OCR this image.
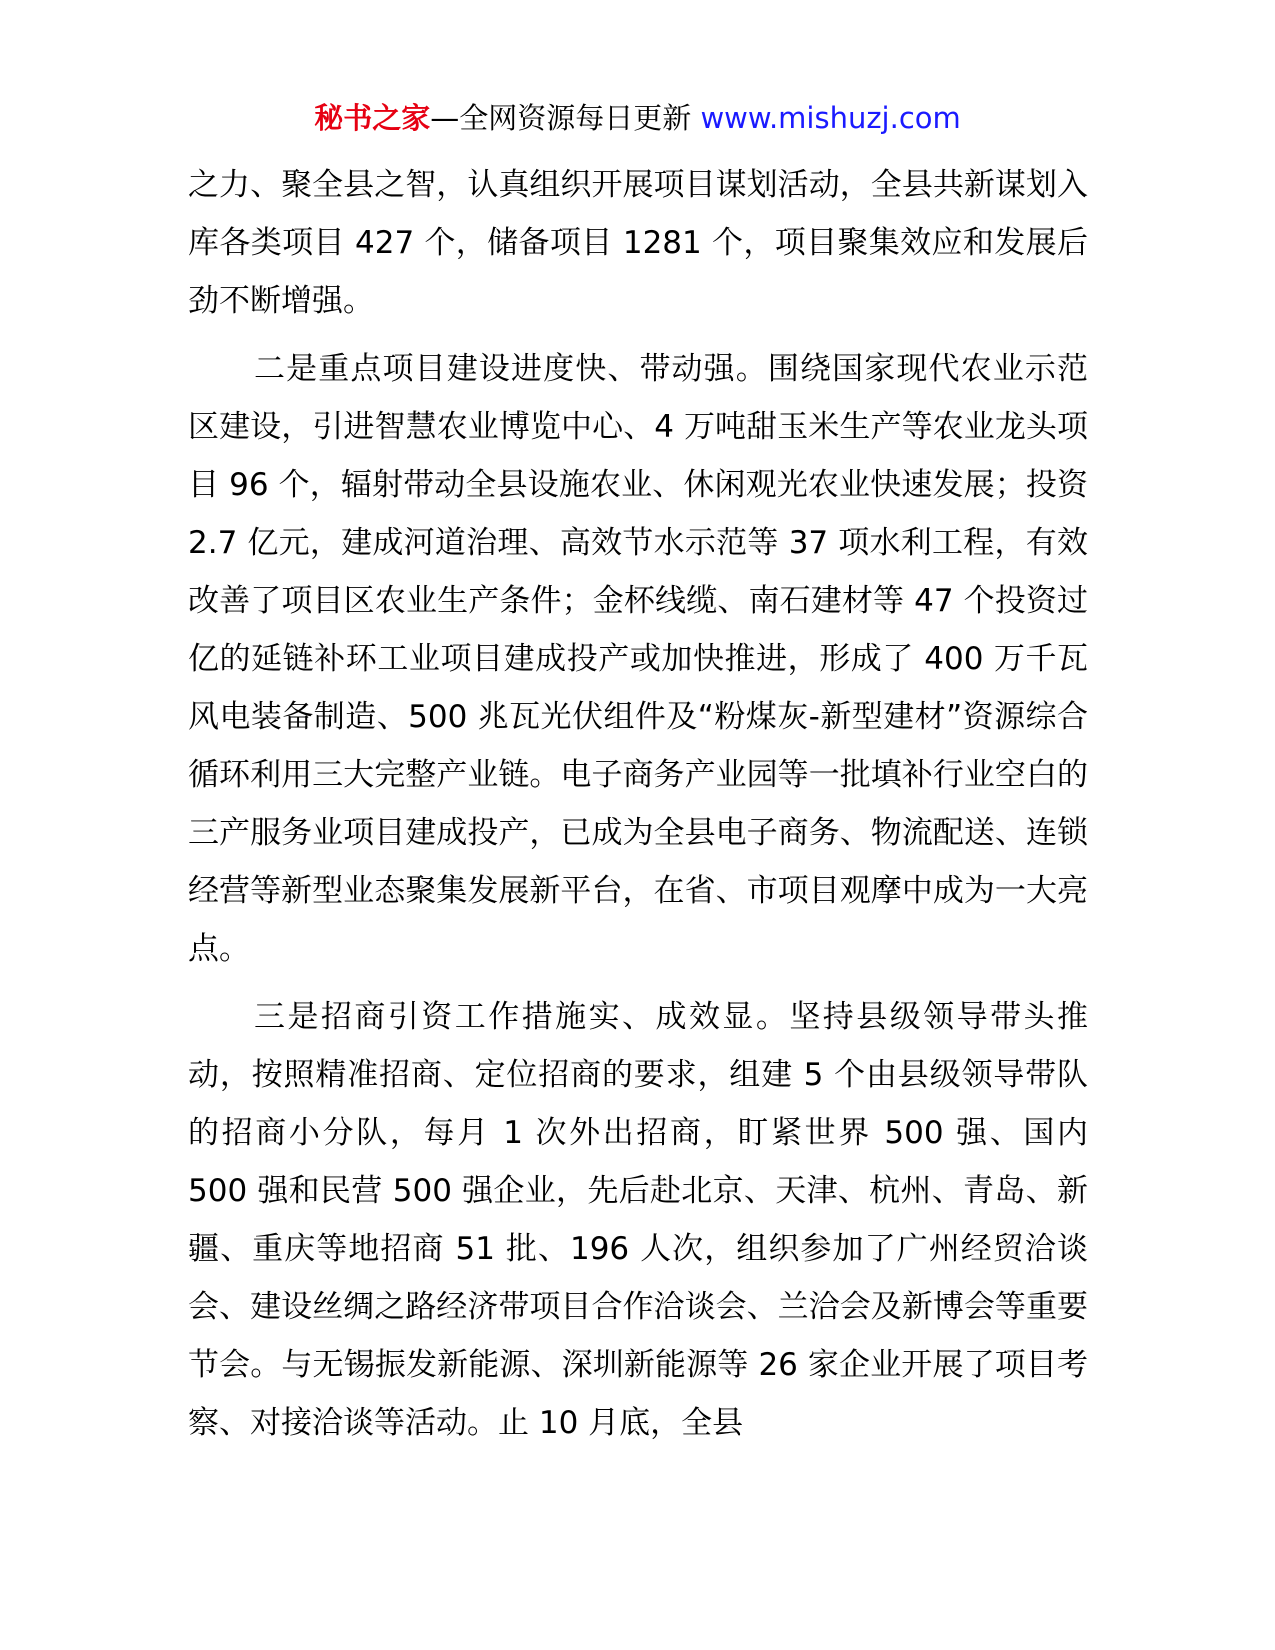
秘书之家—全网资源每日更新 www.mishuzj.com

之力、聚全县之智，认真组织开展项目谋划活动，全县共新谋划入库各类项目 427 个，储备项目 1281 个，项目聚集效应和发展后劲不断增强。

二是重点项目建设进度快、带动强。围绕国家现代农业示范区建设，引进智慧农业博览中心、4 万吨甜玉米生产等农业龙头项目 96 个，辐射带动全县设施农业、休闲观光农业快速发展；投资 2.7 亿元，建成河道治理、高效节水示范等 37 项水利工程，有效改善了项目区农业生产条件；金杯线缆、南石建材等 47 个投资过亿的延链补环工业项目建成投产或加快推进，形成了 400 万千瓦风电装备制造、500 兆瓦光伏组件及“粉煤灰-新型建材”资源综合循环利用三大完整产业链。电子商务产业园等一批填补行业空白的三产服务业项目建成投产，已成为全县电子商务、物流配送、连锁经营等新型业态聚集发展新平台，在省、市项目观摩中成为一大亮点。

三是招商引资工作措施实、成效显。坚持县级领导带头推动，按照精准招商、定位招商的要求，组建 5 个由县级领导带队的招商小分队，每月 1 次外出招商，盯紧世界 500 强、国内 500 强和民营 500 强企业，先后赴北京、天津、杭州、青岛、新疆、重庆等地招商 51 批、196 人次，组织参加了广州经贸洽谈会、建设丝绸之路经济带项目合作洽谈会、兰洽会及新博会等重要节会。与无锡振发新能源、深圳新能源等 26 家企业开展了项目考察、对接洽谈等活动。止 10 月底，全县
